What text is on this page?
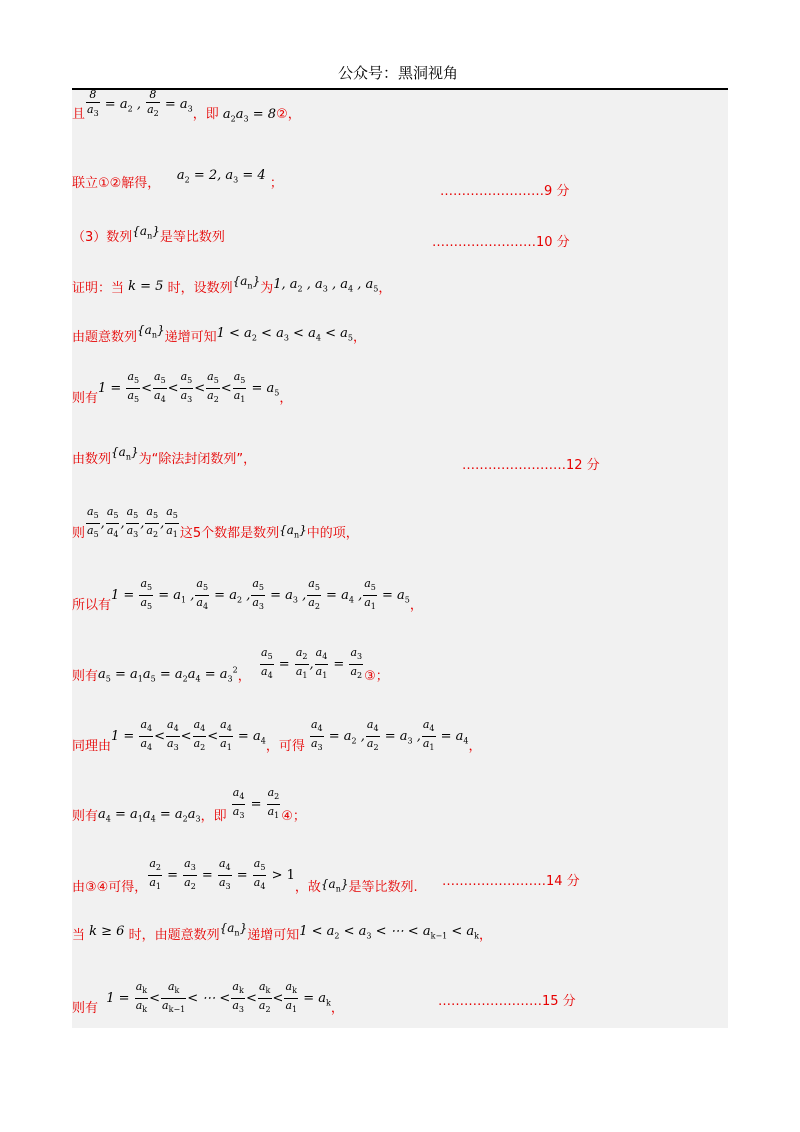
公众号：黑洞视角
且 $\frac{8}{a_3} = a_2$ , $\frac{8}{a_2} = a_3$，即 $a_2a_3$ = 8②，
联立①②解得，    $a_2 = 2$, $a_3 = 4$ ；
……………………9 分
（3）数列$\{a_n\}$是等比数列	……………………10 分
证明：当 k = 5 时，设数列$\{a_n\}$为1, $a_2$ , $a_3$ , $a_4$ , $a_5$，
由题意数列$\{a_n\}$递增可知$1 < a_2 < a_3 < a_4 < a_5$，
则有$1 = \frac{a_5}{a_5} < \frac{a_5}{a_4} < \frac{a_5}{a_3} < \frac{a_5}{a_2} < \frac{a_5}{a_1} = a_5$，
由数列$\{a_n\}$为“除法封闭数列”，	……………………12 分
则 $\frac{a_5}{a_5}$ , $\frac{a_5}{a_4}$ , $\frac{a_5}{a_3}$ , $\frac{a_5}{a_2}$ , $\frac{a_5}{a_1}$ 这5个数都是数列$\{a_n\}$中的项，
所以有$1 = \frac{a_5}{a_5} = a_1$ , $\frac{a_5}{a_4} = a_2$ , $\frac{a_5}{a_3} = a_3$ , $\frac{a_5}{a_2} = a_4$ , $\frac{a_5}{a_1} = a_5$，
则有$a_5 = a_1a_5 = a_2a_4 = a_3^2$， $\frac{a_5}{a_4} = \frac{a_2}{a_1}$ , $\frac{a_4}{a_1} = \frac{a_3}{a_2}$ ③；
同理由$1 = \frac{a_4}{a_4} < \frac{a_4}{a_3} < \frac{a_4}{a_2} < \frac{a_4}{a_1} = a_4$，可得 $\frac{a_4}{a_3} = a_2$ , $\frac{a_4}{a_2} = a_3$ , $\frac{a_4}{a_1} = a_4$，
则有$a_4 = a_1a_4 = a_2a_3$，即 $\frac{a_4}{a_3} = \frac{a_2}{a_1}$ ④；
由③④可得， $\frac{a_2}{a_1} = \frac{a_3}{a_2} = \frac{a_4}{a_3} = \frac{a_5}{a_4} > 1$，故$\{a_n\}$是等比数列. ……………………14 分
当 k ≥ 6 时，由题意数列$\{a_n\}$递增可知$1 < a_2 < a_3$ < ⋯ < $a_{k-1} < a_k$，
则有  $1 = \frac{a_k}{a_k} < \frac{a_k}{a_{k-1}}$ < ⋯ < $\frac{a_k}{a_3} < \frac{a_k}{a_2} < \frac{a_k}{a_1} = a_k$，	……………………15 分
